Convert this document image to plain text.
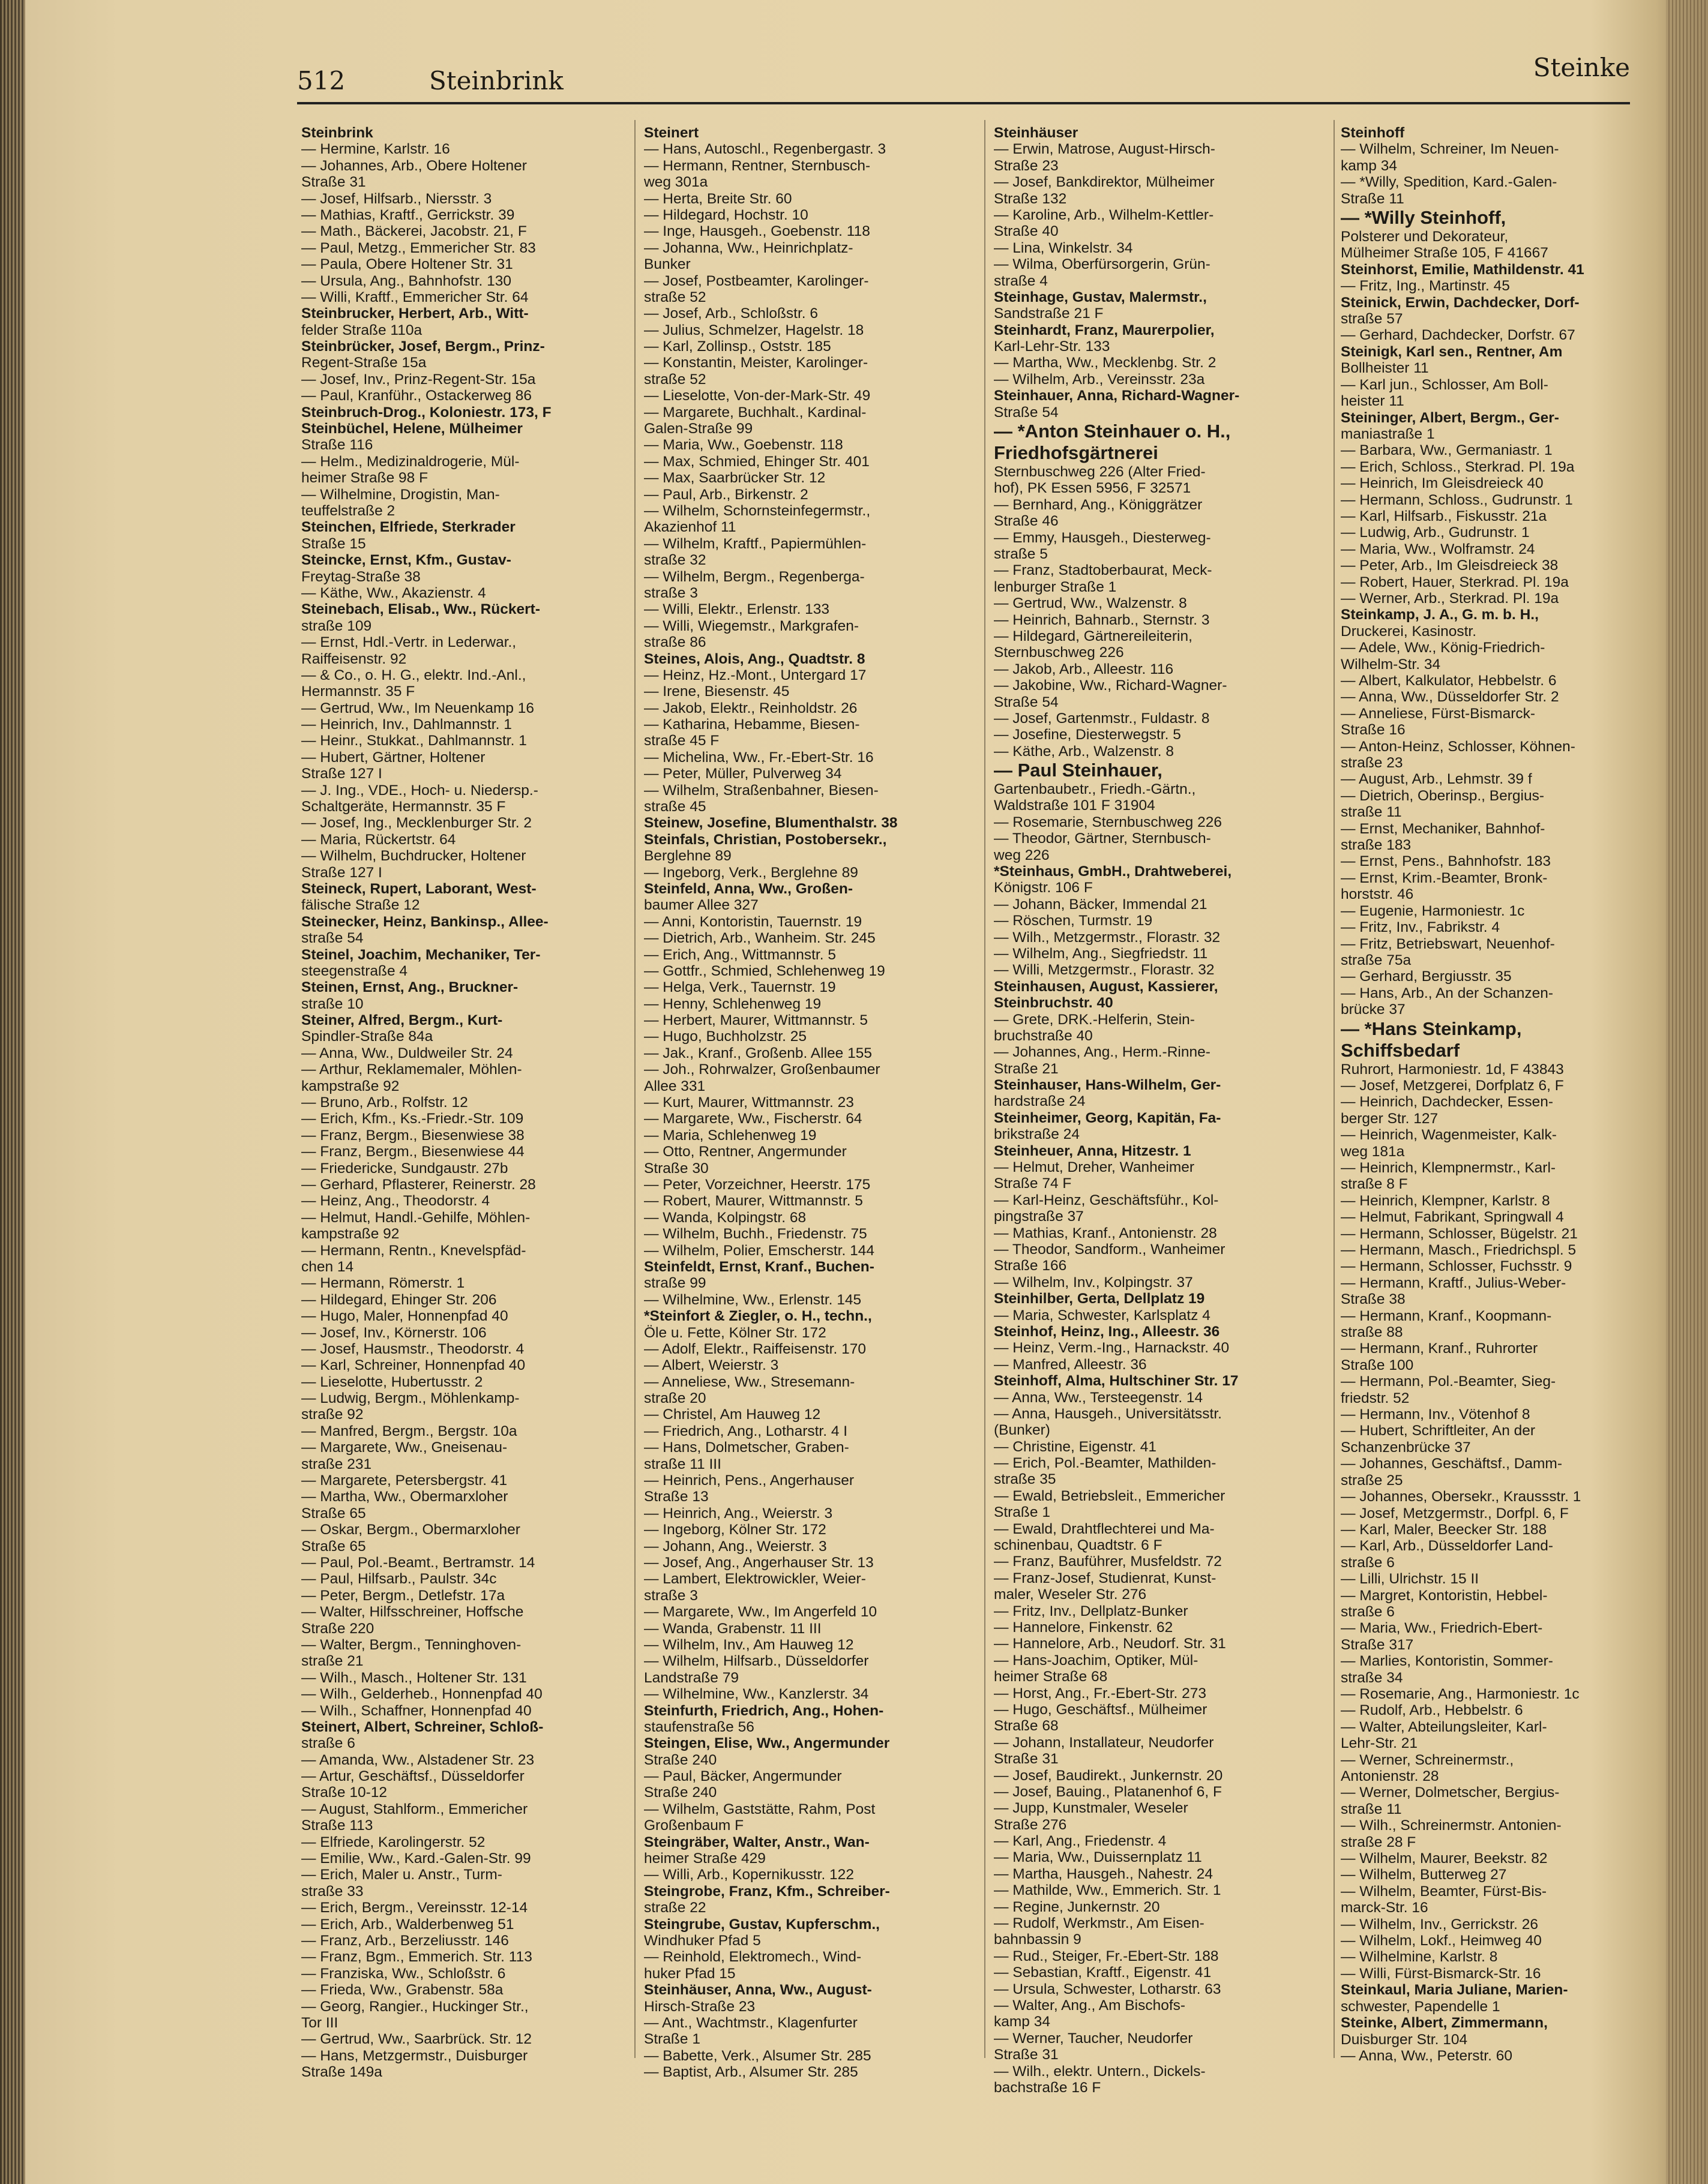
512	Steinbrink	Steinke
Steinbrink
— Hermine, Karlstr. 16
— Johannes, Arb., Obere Holtener
Straße 31
— Josef, Hilfsarb., Niersstr. 3
— Mathias, Kraftf., Gerrickstr. 39
— Math., Bäckerei, Jacobstr. 21, F
— Paul, Metzg., Emmericher Str. 83
— Paula, Obere Holtener Str. 31
— Ursula, Ang., Bahnhofstr. 130
— Willi, Kraftf., Emmericher Str. 64
Steinbrucker, Herbert, Arb., Witt-
felder Straße 110a
Steinbrücker, Josef, Bergm., Prinz-
Regent-Straße 15a
— Josef, Inv., Prinz-Regent-Str. 15a
— Paul, Kranführ., Ostackerweg 86
Steinbruch-Drog., Koloniestr. 173, F
Steinbüchel, Helene, Mülheimer
Straße 116
— Helm., Medizinaldrogerie, Mül-
heimer Straße 98 F
— Wilhelmine, Drogistin, Man-
teuffelstraße 2
Steinchen, Elfriede, Sterkrader
Straße 15
Steincke, Ernst, Kfm., Gustav-
Freytag-Straße 38
— Käthe, Ww., Akazienstr. 4
Steinebach, Elisab., Ww., Rückert-
straße 109
— Ernst, Hdl.-Vertr. in Lederwar.,
Raiffeisenstr. 92
— & Co., o. H. G., elektr. Ind.-Anl.,
Hermannstr. 35 F
— Gertrud, Ww., Im Neuenkamp 16
— Heinrich, Inv., Dahlmannstr. 1
— Heinr., Stukkat., Dahlmannstr. 1
— Hubert, Gärtner, Holtener
Straße 127 I
— J. Ing., VDE., Hoch- u. Niedersp.-
Schaltgeräte, Hermannstr. 35 F
— Josef, Ing., Mecklenburger Str. 2
— Maria, Rückertstr. 64
— Wilhelm, Buchdrucker, Holtener
Straße 127 I
Steineck, Rupert, Laborant, West-
fälische Straße 12
Steinecker, Heinz, Bankinsp., Allee-
straße 54
Steinel, Joachim, Mechaniker, Ter-
steegenstraße 4
Steinen, Ernst, Ang., Bruckner-
straße 10
Steiner, Alfred, Bergm., Kurt-
Spindler-Straße 84a
— Anna, Ww., Duldweiler Str. 24
— Arthur, Reklamemaler, Möhlen-
kampstraße 92
— Bruno, Arb., Rolfstr. 12
— Erich, Kfm., Ks.-Friedr.-Str. 109
— Franz, Bergm., Biesenwiese 38
— Franz, Bergm., Biesenwiese 44
— Friedericke, Sundgaustr. 27b
— Gerhard, Pflasterer, Reinerstr. 28
— Heinz, Ang., Theodorstr. 4
— Helmut, Handl.-Gehilfe, Möhlen-
kampstraße 92
— Hermann, Rentn., Knevelspfäd-
chen 14
— Hermann, Römerstr. 1
— Hildegard, Ehinger Str. 206
— Hugo, Maler, Honnenpfad 40
— Josef, Inv., Körnerstr. 106
— Josef, Hausmstr., Theodorstr. 4
— Karl, Schreiner, Honnenpfad 40
— Lieselotte, Hubertusstr. 2
— Ludwig, Bergm., Möhlenkamp-
straße 92
— Manfred, Bergm., Bergstr. 10a
— Margarete, Ww., Gneisenau-
straße 231
— Margarete, Petersbergstr. 41
— Martha, Ww., Obermarxloher
Straße 65
— Oskar, Bergm., Obermarxloher
Straße 65
— Paul, Pol.-Beamt., Bertramstr. 14
— Paul, Hilfsarb., Paulstr. 34c
— Peter, Bergm., Detlefstr. 17a
— Walter, Hilfsschreiner, Hoffsche
Straße 220
— Walter, Bergm., Tenninghoven-
straße 21
— Wilh., Masch., Holtener Str. 131
— Wilh., Gelderheb., Honnenpfad 40
— Wilh., Schaffner, Honnenpfad 40
Steinert, Albert, Schreiner, Schloß-
straße 6
— Amanda, Ww., Alstadener Str. 23
— Artur, Geschäftsf., Düsseldorfer
Straße 10-12
— August, Stahlform., Emmericher
Straße 113
— Elfriede, Karolingerstr. 52
— Emilie, Ww., Kard.-Galen-Str. 99
— Erich, Maler u. Anstr., Turm-
straße 33
— Erich, Bergm., Vereinsstr. 12-14
— Erich, Arb., Walderbenweg 51
— Franz, Arb., Berzeliusstr. 146
— Franz, Bgm., Emmerich. Str. 113
— Franziska, Ww., Schloßstr. 6
— Frieda, Ww., Grabenstr. 58a
— Georg, Rangier., Huckinger Str.,
Tor III
— Gertrud, Ww., Saarbrück. Str. 12
— Hans, Metzgermstr., Duisburger
Straße 149a
Steinert
— Hans, Autoschl., Regenbergastr. 3
— Hermann, Rentner, Sternbusch-
weg 301a
— Herta, Breite Str. 60
— Hildegard, Hochstr. 10
— Inge, Hausgeh., Goebenstr. 118
— Johanna, Ww., Heinrichplatz-
Bunker
— Josef, Postbeamter, Karolinger-
straße 52
— Josef, Arb., Schloßstr. 6
— Julius, Schmelzer, Hagelstr. 18
— Karl, Zollinsp., Oststr. 185
— Konstantin, Meister, Karolinger-
straße 52
— Lieselotte, Von-der-Mark-Str. 49
— Margarete, Buchhalt., Kardinal-
Galen-Straße 99
— Maria, Ww., Goebenstr. 118
— Max, Schmied, Ehinger Str. 401
— Max, Saarbrücker Str. 12
— Paul, Arb., Birkenstr. 2
— Wilhelm, Schornsteinfegermstr.,
Akazienhof 11
— Wilhelm, Kraftf., Papiermühlen-
straße 32
— Wilhelm, Bergm., Regenberga-
straße 3
— Willi, Elektr., Erlenstr. 133
— Willi, Wiegemstr., Markgrafen-
straße 86
Steines, Alois, Ang., Quadtstr. 8
— Heinz, Hz.-Mont., Untergard 17
— Irene, Biesenstr. 45
— Jakob, Elektr., Reinholdstr. 26
— Katharina, Hebamme, Biesen-
straße 45 F
— Michelina, Ww., Fr.-Ebert-Str. 16
— Peter, Müller, Pulverweg 34
— Wilhelm, Straßenbahner, Biesen-
straße 45
Steinew, Josefine, Blumenthalstr. 38
Steinfals, Christian, Postobersekr.,
Berglehne 89
— Ingeborg, Verk., Berglehne 89
Steinfeld, Anna, Ww., Großen-
baumer Allee 327
— Anni, Kontoristin, Tauernstr. 19
— Dietrich, Arb., Wanheim. Str. 245
— Erich, Ang., Wittmannstr. 5
— Gottfr., Schmied, Schlehenweg 19
— Helga, Verk., Tauernstr. 19
— Henny, Schlehenweg 19
— Herbert, Maurer, Wittmannstr. 5
— Hugo, Buchholzstr. 25
— Jak., Kranf., Großenb. Allee 155
— Joh., Rohrwalzer, Großenbaumer
Allee 331
— Kurt, Maurer, Wittmannstr. 23
— Margarete, Ww., Fischerstr. 64
— Maria, Schlehenweg 19
— Otto, Rentner, Angermunder
Straße 30
— Peter, Vorzeichner, Heerstr. 175
— Robert, Maurer, Wittmannstr. 5
— Wanda, Kolpingstr. 68
— Wilhelm, Buchh., Friedenstr. 75
— Wilhelm, Polier, Emscherstr. 144
Steinfeldt, Ernst, Kranf., Buchen-
straße 99
— Wilhelmine, Ww., Erlenstr. 145
*Steinfort & Ziegler, o. H., techn.,
Öle u. Fette, Kölner Str. 172
— Adolf, Elektr., Raiffeisenstr. 170
— Albert, Weierstr. 3
— Anneliese, Ww., Stresemann-
straße 20
— Christel, Am Hauweg 12
— Friedrich, Ang., Lotharstr. 4 I
— Hans, Dolmetscher, Graben-
straße 11 III
— Heinrich, Pens., Angerhauser
Straße 13
— Heinrich, Ang., Weierstr. 3
— Ingeborg, Kölner Str. 172
— Johann, Ang., Weierstr. 3
— Josef, Ang., Angerhauser Str. 13
— Lambert, Elektrowickler, Weier-
straße 3
— Margarete, Ww., Im Angerfeld 10
— Wanda, Grabenstr. 11 III
— Wilhelm, Inv., Am Hauweg 12
— Wilhelm, Hilfsarb., Düsseldorfer
Landstraße 79
— Wilhelmine, Ww., Kanzlerstr. 34
Steinfurth, Friedrich, Ang., Hohen-
staufenstraße 56
Steingen, Elise, Ww., Angermunder
Straße 240
— Paul, Bäcker, Angermunder
Straße 240
— Wilhelm, Gaststätte, Rahm, Post
Großenbaum F
Steingräber, Walter, Anstr., Wan-
heimer Straße 429
— Willi, Arb., Kopernikusstr. 122
Steingrobe, Franz, Kfm., Schreiber-
straße 22
Steingrube, Gustav, Kupferschm.,
Windhuker Pfad 5
— Reinhold, Elektromech., Wind-
huker Pfad 15
Steinhäuser, Anna, Ww., August-
Hirsch-Straße 23
— Ant., Wachtmstr., Klagenfurter
Straße 1
— Babette, Verk., Alsumer Str. 285
— Baptist, Arb., Alsumer Str. 285
Steinhäuser
— Erwin, Matrose, August-Hirsch-
Straße 23
— Josef, Bankdirektor, Mülheimer
Straße 132
— Karoline, Arb., Wilhelm-Kettler-
Straße 40
— Lina, Winkelstr. 34
— Wilma, Oberfürsorgerin, Grün-
straße 4
Steinhage, Gustav, Malermstr.,
Sandstraße 21 F
Steinhardt, Franz, Maurerpolier,
Karl-Lehr-Str. 133
— Martha, Ww., Mecklenbg. Str. 2
— Wilhelm, Arb., Vereinsstr. 23a
Steinhauer, Anna, Richard-Wagner-
Straße 54
— *Anton Steinhauer o. H.,
Friedhofsgärtnerei
Sternbuschweg 226 (Alter Fried-
hof), PK Essen 5956, F 32571
— Bernhard, Ang., Königgrätzer
Straße 46
— Emmy, Hausgeh., Diesterweg-
straße 5
— Franz, Stadtoberbaurat, Meck-
lenburger Straße 1
— Gertrud, Ww., Walzenstr. 8
— Heinrich, Bahnarb., Sternstr. 3
— Hildegard, Gärtnereileiterin,
Sternbuschweg 226
— Jakob, Arb., Alleestr. 116
— Jakobine, Ww., Richard-Wagner-
Straße 54
— Josef, Gartenmstr., Fuldastr. 8
— Josefine, Diesterwegstr. 5
— Käthe, Arb., Walzenstr. 8
— Paul Steinhauer,
Gartenbaubetr., Friedh.-Gärtn.,
Waldstraße 101 F 31904
— Rosemarie, Sternbuschweg 226
— Theodor, Gärtner, Sternbusch-
weg 226
*Steinhaus, GmbH., Drahtweberei,
Königstr. 106 F
— Johann, Bäcker, Immendal 21
— Röschen, Turmstr. 19
— Wilh., Metzgermstr., Florastr. 32
— Wilhelm, Ang., Siegfriedstr. 11
— Willi, Metzgermstr., Florastr. 32
Steinhausen, August, Kassierer,
Steinbruchstr. 40
— Grete, DRK.-Helferin, Stein-
bruchstraße 40
— Johannes, Ang., Herm.-Rinne-
Straße 21
Steinhauser, Hans-Wilhelm, Ger-
hardstraße 24
Steinheimer, Georg, Kapitän, Fa-
brikstraße 24
Steinheuer, Anna, Hitzestr. 1
— Helmut, Dreher, Wanheimer
Straße 74 F
— Karl-Heinz, Geschäftsführ., Kol-
pingstraße 37
— Mathias, Kranf., Antonienstr. 28
— Theodor, Sandform., Wanheimer
Straße 166
— Wilhelm, Inv., Kolpingstr. 37
Steinhilber, Gerta, Dellplatz 19
— Maria, Schwester, Karlsplatz 4
Steinhof, Heinz, Ing., Alleestr. 36
— Heinz, Verm.-Ing., Harnackstr. 40
— Manfred, Alleestr. 36
Steinhoff, Alma, Hultschiner Str. 17
— Anna, Ww., Tersteegenstr. 14
— Anna, Hausgeh., Universitätsstr.
(Bunker)
— Christine, Eigenstr. 41
— Erich, Pol.-Beamter, Mathilden-
straße 35
— Ewald, Betriebsleit., Emmericher
Straße 1
— Ewald, Drahtflechterei und Ma-
schinenbau, Quadtstr. 6 F
— Franz, Bauführer, Musfeldstr. 72
— Franz-Josef, Studienrat, Kunst-
maler, Weseler Str. 276
— Fritz, Inv., Dellplatz-Bunker
— Hannelore, Finkenstr. 62
— Hannelore, Arb., Neudorf. Str. 31
— Hans-Joachim, Optiker, Mül-
heimer Straße 68
— Horst, Ang., Fr.-Ebert-Str. 273
— Hugo, Geschäftsf., Mülheimer
Straße 68
— Johann, Installateur, Neudorfer
Straße 31
— Josef, Baudirekt., Junkernstr. 20
— Josef, Bauing., Platanenhof 6, F
— Jupp, Kunstmaler, Weseler
Straße 276
— Karl, Ang., Friedenstr. 4
— Maria, Ww., Duissernplatz 11
— Martha, Hausgeh., Nahestr. 24
— Mathilde, Ww., Emmerich. Str. 1
— Regine, Junkernstr. 20
— Rudolf, Werkmstr., Am Eisen-
bahnbassin 9
— Rud., Steiger, Fr.-Ebert-Str. 188
— Sebastian, Kraftf., Eigenstr. 41
— Ursula, Schwester, Lotharstr. 63
— Walter, Ang., Am Bischofs-
kamp 34
— Werner, Taucher, Neudorfer
Straße 31
— Wilh., elektr. Untern., Dickels-
bachstraße 16 F
Steinhoff
— Wilhelm, Schreiner, Im Neuen-
kamp 34
— *Willy, Spedition, Kard.-Galen-
Straße 11
— *Willy Steinhoff,
Polsterer und Dekorateur,
Mülheimer Straße 105, F 41667
Steinhorst, Emilie, Mathildenstr. 41
— Fritz, Ing., Martinstr. 45
Steinick, Erwin, Dachdecker, Dorf-
straße 57
— Gerhard, Dachdecker, Dorfstr. 67
Steinigk, Karl sen., Rentner, Am
Bollheister 11
— Karl jun., Schlosser, Am Boll-
heister 11
Steininger, Albert, Bergm., Ger-
maniastraße 1
— Barbara, Ww., Germaniastr. 1
— Erich, Schloss., Sterkrad. Pl. 19a
— Heinrich, Im Gleisdreieck 40
— Hermann, Schloss., Gudrunstr. 1
— Karl, Hilfsarb., Fiskusstr. 21a
— Ludwig, Arb., Gudrunstr. 1
— Maria, Ww., Wolframstr. 24
— Peter, Arb., Im Gleisdreieck 38
— Robert, Hauer, Sterkrad. Pl. 19a
— Werner, Arb., Sterkrad. Pl. 19a
Steinkamp, J. A., G. m. b. H.,
Druckerei, Kasinostr.
— Adele, Ww., König-Friedrich-
Wilhelm-Str. 34
— Albert, Kalkulator, Hebbelstr. 6
— Anna, Ww., Düsseldorfer Str. 2
— Anneliese, Fürst-Bismarck-
Straße 16
— Anton-Heinz, Schlosser, Köhnen-
straße 23
— August, Arb., Lehmstr. 39 f
— Dietrich, Oberinsp., Bergius-
straße 11
— Ernst, Mechaniker, Bahnhof-
straße 183
— Ernst, Pens., Bahnhofstr. 183
— Ernst, Krim.-Beamter, Bronk-
horststr. 46
— Eugenie, Harmoniestr. 1c
— Fritz, Inv., Fabrikstr. 4
— Fritz, Betriebswart, Neuenhof-
straße 75a
— Gerhard, Bergiusstr. 35
— Hans, Arb., An der Schanzen-
brücke 37
— *Hans Steinkamp,
Schiffsbedarf
Ruhrort, Harmoniestr. 1d, F 43843
— Josef, Metzgerei, Dorfplatz 6, F
— Heinrich, Dachdecker, Essen-
berger Str. 127
— Heinrich, Wagenmeister, Kalk-
weg 181a
— Heinrich, Klempnermstr., Karl-
straße 8 F
— Heinrich, Klempner, Karlstr. 8
— Helmut, Fabrikant, Springwall 4
— Hermann, Schlosser, Bügelstr. 21
— Hermann, Masch., Friedrichspl. 5
— Hermann, Schlosser, Fuchsstr. 9
— Hermann, Kraftf., Julius-Weber-
Straße 38
— Hermann, Kranf., Koopmann-
straße 88
— Hermann, Kranf., Ruhrorter
Straße 100
— Hermann, Pol.-Beamter, Sieg-
friedstr. 52
— Hermann, Inv., Vötenhof 8
— Hubert, Schriftleiter, An der
Schanzenbrücke 37
— Johannes, Geschäftsf., Damm-
straße 25
— Johannes, Obersekr., Kraussstr. 1
— Josef, Metzgermstr., Dorfpl. 6, F
— Karl, Maler, Beecker Str. 188
— Karl, Arb., Düsseldorfer Land-
straße 6
— Lilli, Ulrichstr. 15 II
— Margret, Kontoristin, Hebbel-
straße 6
— Maria, Ww., Friedrich-Ebert-
Straße 317
— Marlies, Kontoristin, Sommer-
straße 34
— Rosemarie, Ang., Harmoniestr. 1c
— Rudolf, Arb., Hebbelstr. 6
— Walter, Abteilungsleiter, Karl-
Lehr-Str. 21
— Werner, Schreinermstr.,
Antonienstr. 28
— Werner, Dolmetscher, Bergius-
straße 11
— Wilh., Schreinermstr. Antonien-
straße 28 F
— Wilhelm, Maurer, Beekstr. 82
— Wilhelm, Butterweg 27
— Wilhelm, Beamter, Fürst-Bis-
marck-Str. 16
— Wilhelm, Inv., Gerrickstr. 26
— Wilhelm, Lokf., Heimweg 40
— Wilhelmine, Karlstr. 8
— Willi, Fürst-Bismarck-Str. 16
Steinkaul, Maria Juliane, Marien-
schwester, Papendelle 1
Steinke, Albert, Zimmermann,
Duisburger Str. 104
— Anna, Ww., Peterstr. 60
